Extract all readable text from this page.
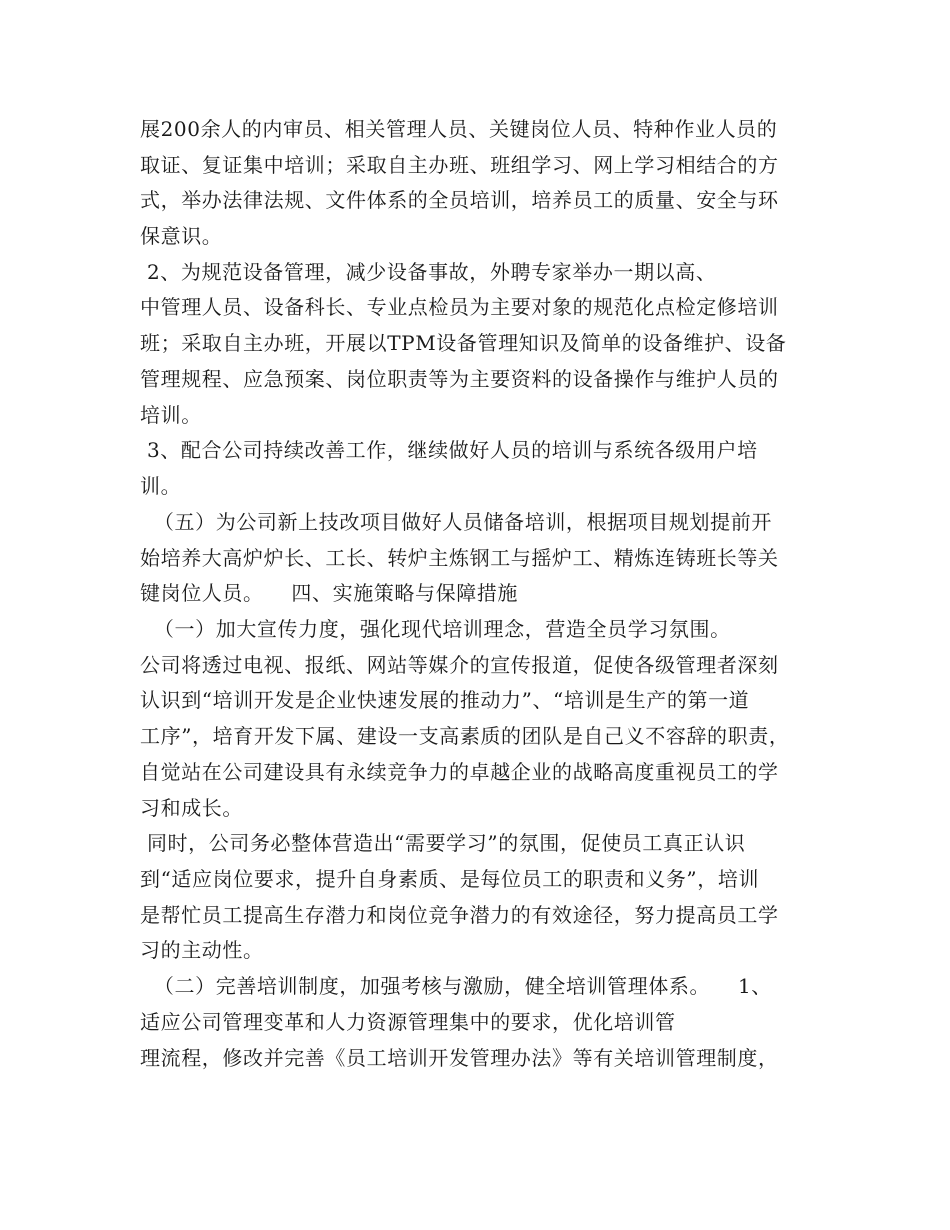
展200余人的内审员、相关管理人员、关键岗位人员、特种作业人员的
取证、复证集中培训；采取自主办班、班组学习、网上学习相结合的方
式，举办法律法规、文件体系的全员培训，培养员工的质量、安全与环
保意识。
2、为规范设备管理，减少设备事故，外聘专家举办一期以高、
中管理人员、设备科长、专业点检员为主要对象的规范化点检定修培训
班；采取自主办班，开展以TPM设备管理知识及简单的设备维护、设备
管理规程、应急预案、岗位职责等为主要资料的设备操作与维护人员的
培训。
3、配合公司持续改善工作，继续做好人员的培训与系统各级用户培
训。
（五）为公司新上技改项目做好人员储备培训，根据项目规划提前开
始培养大高炉炉长、工长、转炉主炼钢工与摇炉工、精炼连铸班长等关
键岗位人员。    四、实施策略与保障措施
（一）加大宣传力度，强化现代培训理念，营造全员学习氛围。
公司将透过电视、报纸、网站等媒介的宣传报道，促使各级管理者深刻
认识到“培训开发是企业快速发展的推动力”、“培训是生产的第一道
工序”，培育开发下属、建设一支高素质的团队是自己义不容辞的职责，
自觉站在公司建设具有永续竞争力的卓越企业的战略高度重视员工的学
习和成长。
同时，公司务必整体营造出“需要学习”的氛围，促使员工真正认识
到“适应岗位要求，提升自身素质、是每位员工的职责和义务”，培训
是帮忙员工提高生存潜力和岗位竞争潜力的有效途径，努力提高员工学
习的主动性。
（二）完善培训制度，加强考核与激励，健全培训管理体系。    1、
适应公司管理变革和人力资源管理集中的要求，优化培训管
理流程，修改并完善《员工培训开发管理办法》等有关培训管理制度，
